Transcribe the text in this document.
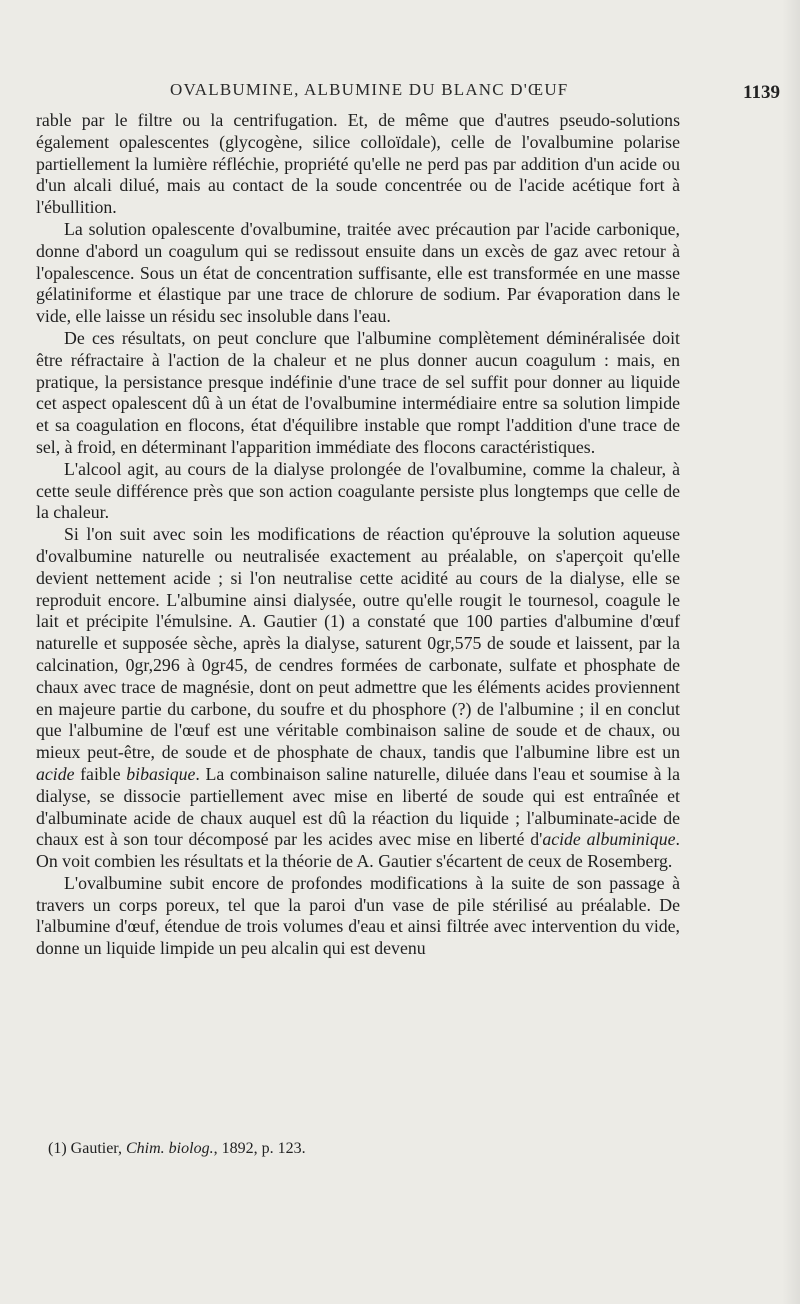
OVALBUMINE, ALBUMINE DU BLANC D'ŒUF	1139

rable par le filtre ou la centrifugation. Et, de même que d'autres pseudo-solutions également opalescentes (glycogène, silice colloïdale), celle de l'ovalbumine polarise partiellement la lumière réfléchie, propriété qu'elle ne perd pas par addition d'un acide ou d'un alcali dilué, mais au contact de la soude concentrée ou de l'acide acétique fort à l'ébullition.

La solution opalescente d'ovalbumine, traitée avec précaution par l'acide carbonique, donne d'abord un coagulum qui se redissout ensuite dans un excès de gaz avec retour à l'opalescence. Sous un état de concentration suffisante, elle est transformée en une masse gélatiniforme et élastique par une trace de chlorure de sodium. Par évaporation dans le vide, elle laisse un résidu sec insoluble dans l'eau.

De ces résultats, on peut conclure que l'albumine complètement déminéralisée doit être réfractaire à l'action de la chaleur et ne plus donner aucun coagulum : mais, en pratique, la persistance presque indéfinie d'une trace de sel suffit pour donner au liquide cet aspect opalescent dû à un état de l'ovalbumine intermédiaire entre sa solution limpide et sa coagulation en flocons, état d'équilibre instable que rompt l'addition d'une trace de sel, à froid, en déterminant l'apparition immédiate des flocons caractéristiques.

L'alcool agit, au cours de la dialyse prolongée de l'ovalbumine, comme la chaleur, à cette seule différence près que son action coagulante persiste plus longtemps que celle de la chaleur.

Si l'on suit avec soin les modifications de réaction qu'éprouve la solution aqueuse d'ovalbumine naturelle ou neutralisée exactement au préalable, on s'aperçoit qu'elle devient nettement acide ; si l'on neutralise cette acidité au cours de la dialyse, elle se reproduit encore. L'albumine ainsi dialysée, outre qu'elle rougit le tournesol, coagule le lait et précipite l'émulsine. A. Gautier (1) a constaté que 100 parties d'albumine d'œuf naturelle et supposée sèche, après la dialyse, saturent 0gr,575 de soude et laissent, par la calcination, 0gr,296 à 0gr45, de cendres formées de carbonate, sulfate et phosphate de chaux avec trace de magnésie, dont on peut admettre que les éléments acides proviennent en majeure partie du carbone, du soufre et du phosphore (?) de l'albumine ; il en conclut que l'albumine de l'œuf est une véritable combinaison saline de soude et de chaux, ou mieux peut-être, de soude et de phosphate de chaux, tandis que l'albumine libre est un acide faible bibasique. La combinaison saline naturelle, diluée dans l'eau et soumise à la dialyse, se dissocie partiellement avec mise en liberté de soude qui est entraînée et d'albuminate acide de chaux auquel est dû la réaction du liquide ; l'albuminate-acide de chaux est à son tour décomposé par les acides avec mise en liberté d'acide albuminique. On voit combien les résultats et la théorie de A. Gautier s'écartent de ceux de Rosemberg.

L'ovalbumine subit encore de profondes modifications à la suite de son passage à travers un corps poreux, tel que la paroi d'un vase de pile stérilisé au préalable. De l'albumine d'œuf, étendue de trois volumes d'eau et ainsi filtrée avec intervention du vide, donne un liquide limpide un peu alcalin qui est devenu

(1) Gautier, Chim. biolog., 1892, p. 123.
